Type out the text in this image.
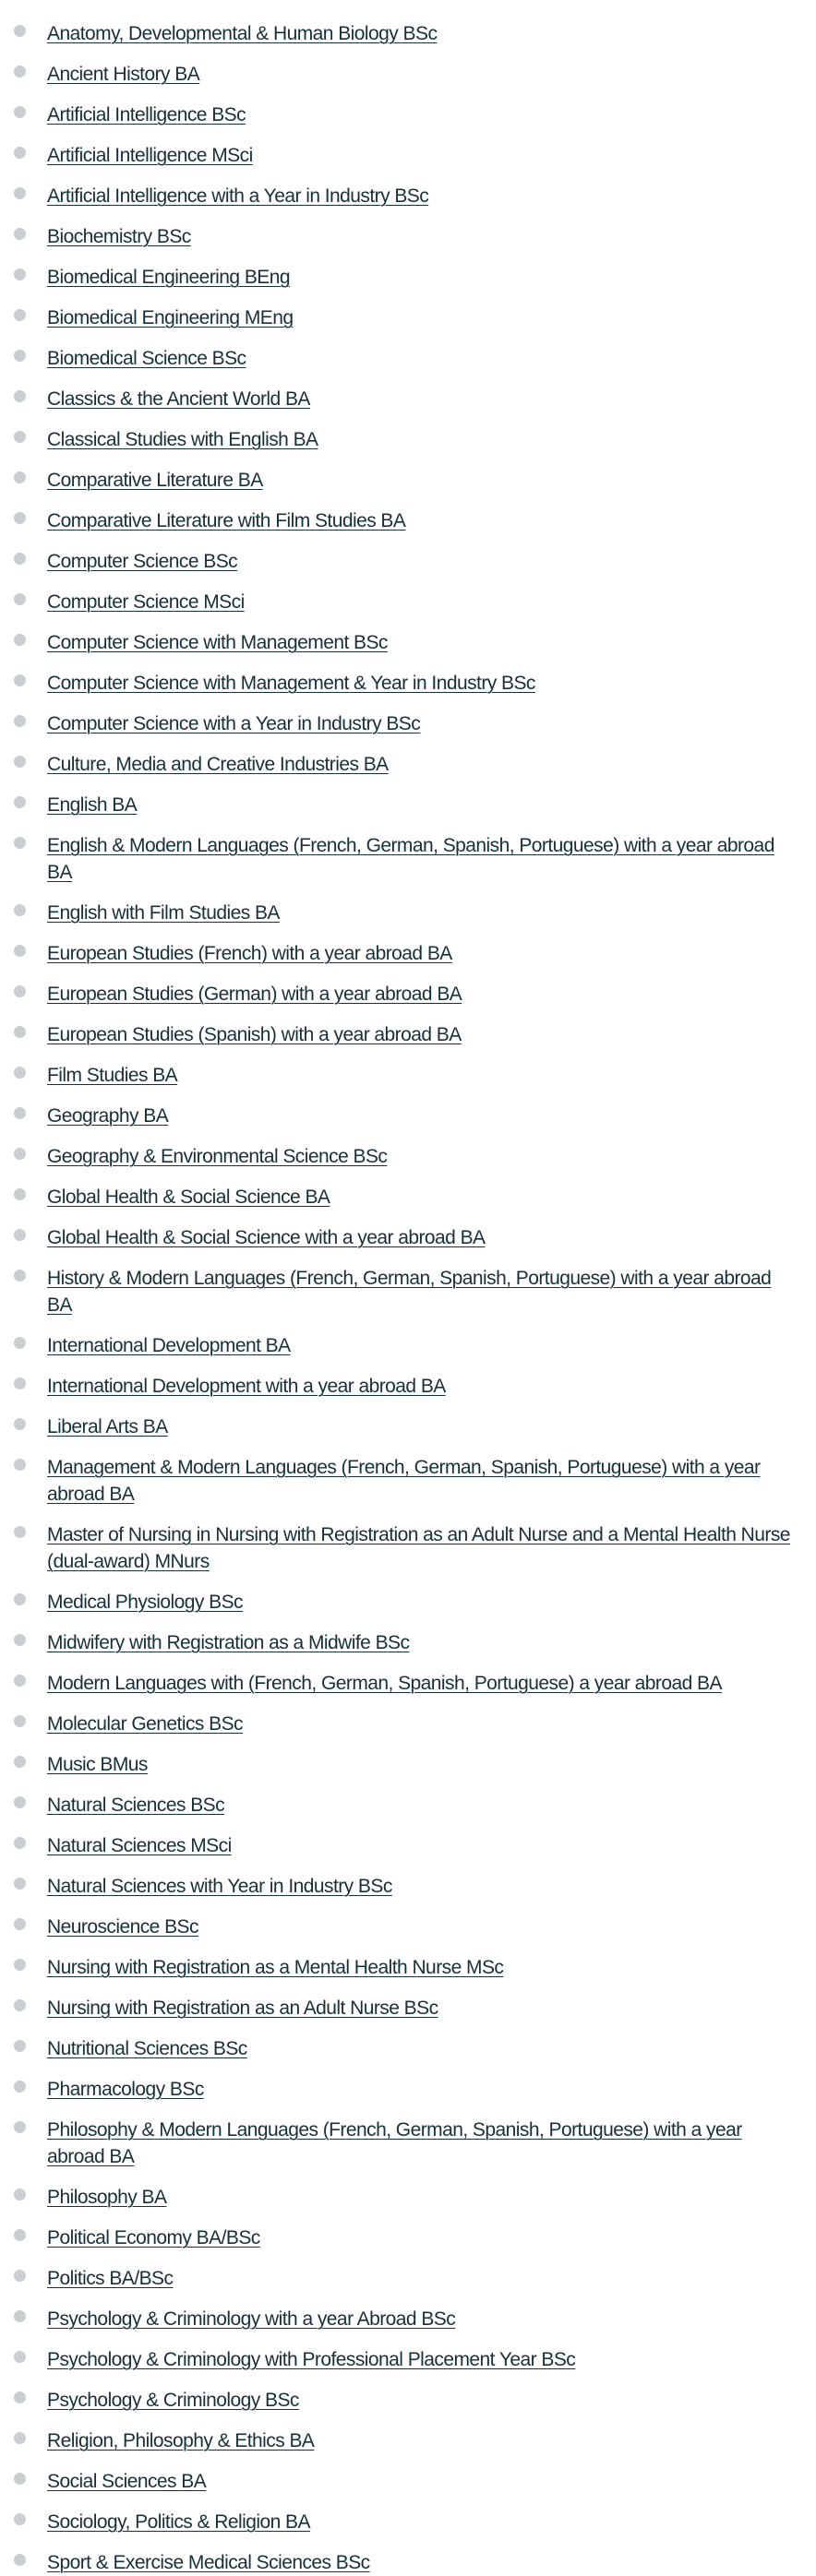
Anatomy, Developmental & Human Biology BSc
Ancient History BA
Artificial Intelligence BSc
Artificial Intelligence MSci
Artificial Intelligence with a Year in Industry BSc
Biochemistry BSc
Biomedical Engineering BEng
Biomedical Engineering MEng
Biomedical Science BSc
Classics & the Ancient World BA
Classical Studies with English BA
Comparative Literature BA
Comparative Literature with Film Studies BA
Computer Science BSc
Computer Science MSci
Computer Science with Management BSc
Computer Science with Management & Year in Industry BSc
Computer Science with a Year in Industry BSc
Culture, Media and Creative Industries BA
English BA
English & Modern Languages (French, German, Spanish, Portuguese) with a year abroad BA
English with Film Studies BA
European Studies (French) with a year abroad BA
European Studies (German) with a year abroad BA
European Studies (Spanish) with a year abroad BA
Film Studies BA
Geography BA
Geography & Environmental Science BSc
Global Health & Social Science BA
Global Health & Social Science with a year abroad BA
History & Modern Languages (French, German, Spanish, Portuguese) with a year abroad BA
International Development BA
International Development with a year abroad BA
Liberal Arts BA
Management & Modern Languages (French, German, Spanish, Portuguese) with a year abroad BA
Master of Nursing in Nursing with Registration as an Adult Nurse and a Mental Health Nurse (dual-award) MNurs
Medical Physiology BSc
Midwifery with Registration as a Midwife BSc
Modern Languages with (French, German, Spanish, Portuguese) a year abroad BA
Molecular Genetics BSc
Music BMus
Natural Sciences BSc
Natural Sciences MSci
Natural Sciences with Year in Industry BSc
Neuroscience BSc
Nursing with Registration as a Mental Health Nurse MSc
Nursing with Registration as an Adult Nurse BSc
Nutritional Sciences BSc
Pharmacology BSc
Philosophy & Modern Languages (French, German, Spanish, Portuguese) with a year abroad BA
Philosophy BA
Political Economy BA/BSc
Politics BA/BSc
Psychology & Criminology with a year Abroad BSc
Psychology & Criminology with Professional Placement Year BSc
Psychology & Criminology BSc
Religion, Philosophy & Ethics BA
Social Sciences BA
Sociology, Politics & Religion BA
Sport & Exercise Medical Sciences BSc
